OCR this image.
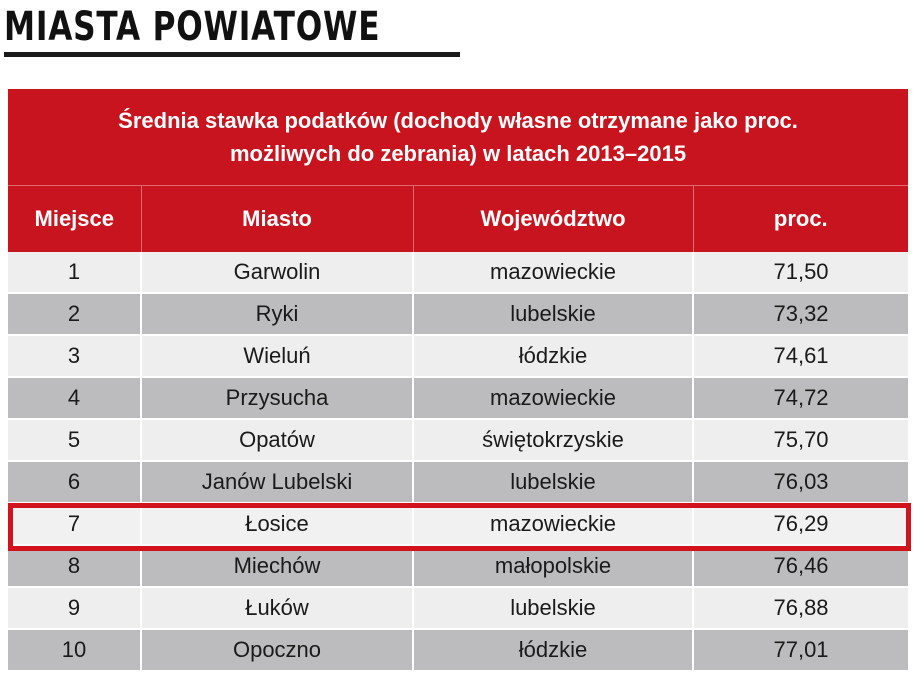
MIASTA POWIATOWE
Średnia stawka podatków (dochody własne otrzymane jako proc. możliwych do zebrania) w latach 2013–2015			
Miejsce	Miasto	Województwo	proc.
1	Garwolin	mazowieckie	71,50
2	Ryki	lubelskie	73,32
3	Wieluń	łódzkie	74,61
4	Przysucha	mazowieckie	74,72
5	Opatów	świętokrzyskie	75,70
6	Janów Lubelski	lubelskie	76,03
7	Łosice	mazowieckie	76,29
8	Miechów	małopolskie	76,46
9	Łuków	lubelskie	76,88
10	Opoczno	łódzkie	77,01
